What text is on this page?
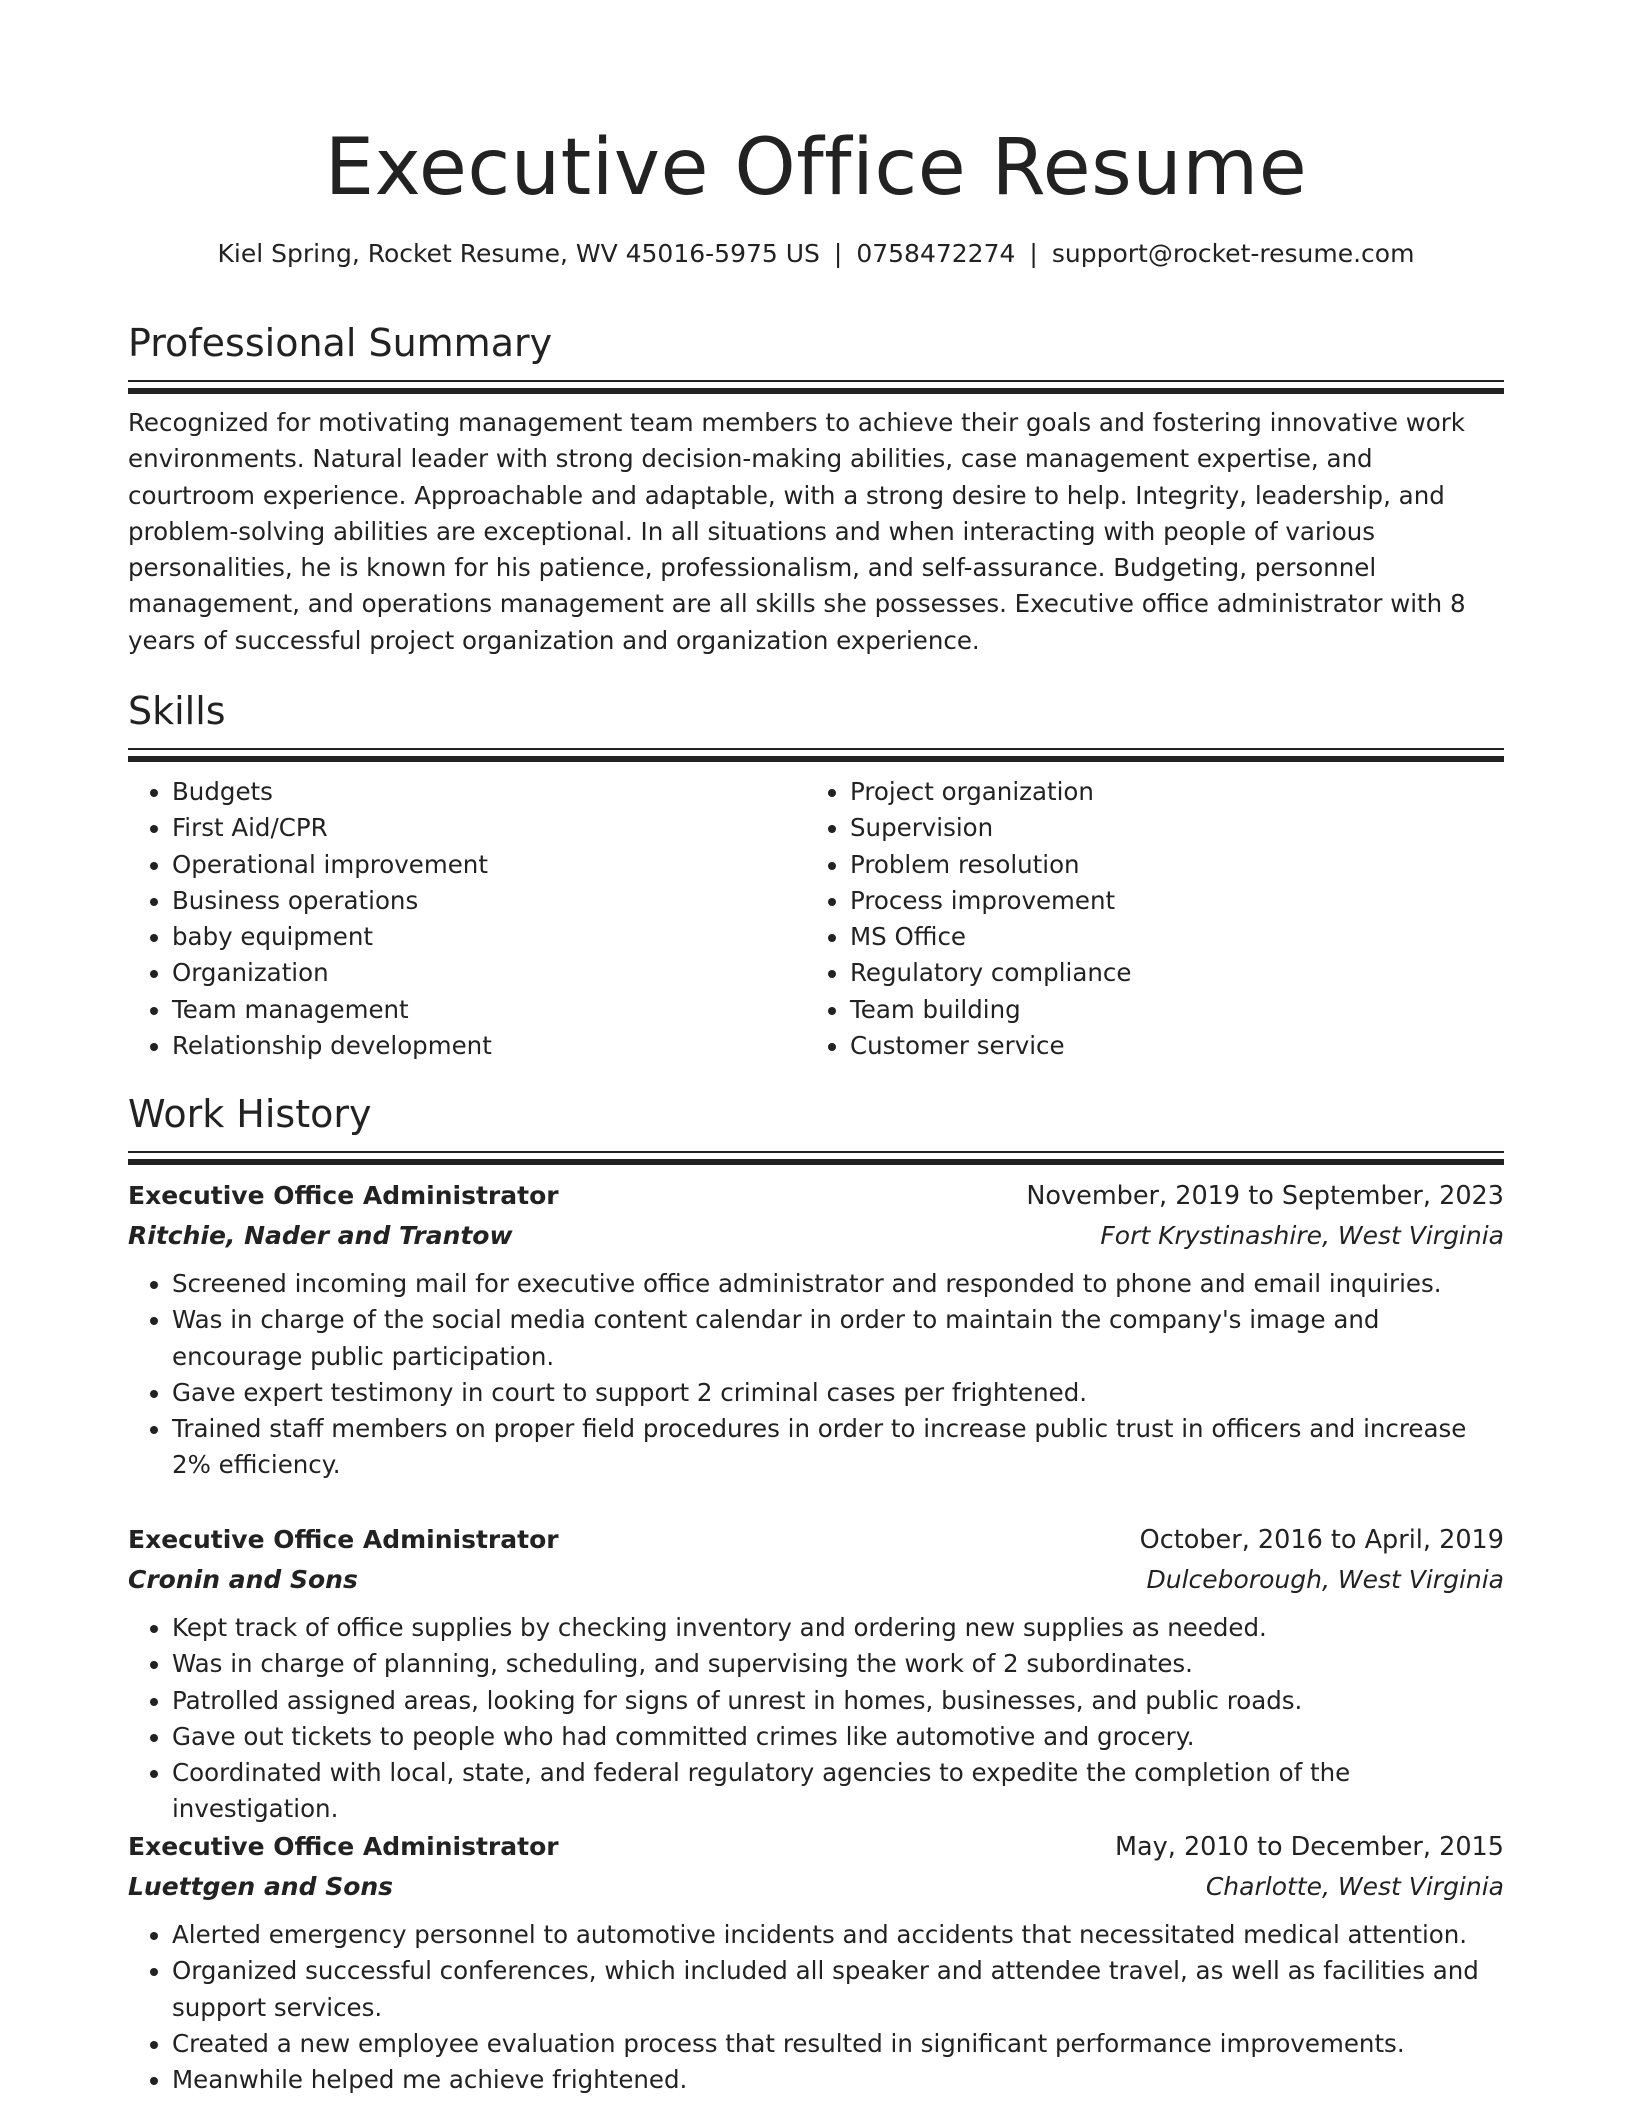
Executive Office Resume
Kiel Spring, Rocket Resume, WV 45016-5975 US | 0758472274 | support@rocket-resume.com
Professional Summary

Recognized for motivating management team members to achieve their goals and fostering innovative work environments. Natural leader with strong decision-making abilities, case management expertise, and courtroom experience. Approachable and adaptable, with a strong desire to help. Integrity, leadership, and problem-solving abilities are exceptional. In all situations and when interacting with people of various personalities, he is known for his patience, professionalism, and self-assurance. Budgeting, personnel management, and operations management are all skills she possesses. Executive office administrator with 8 years of successful project organization and organization experience.

Skills
• Budgets
• First Aid/CPR
• Operational improvement
• Business operations
• baby equipment
• Organization
• Team management
• Relationship development
• Project organization
• Supervision
• Problem resolution
• Process improvement
• MS Office
• Regulatory compliance
• Team building
• Customer service
Work History
Executive Office Administrator	November, 2019 to September, 2023
Ritchie, Nader and Trantow	Fort Krystinashire, West Virginia
• Screened incoming mail for executive office administrator and responded to phone and email inquiries.
• Was in charge of the social media content calendar in order to maintain the company's image and encourage public participation.
• Gave expert testimony in court to support 2 criminal cases per frightened.
• Trained staff members on proper field procedures in order to increase public trust in officers and increase 2% efficiency.
Executive Office Administrator	October, 2016 to April, 2019
Cronin and Sons	Dulceborough, West Virginia
• Kept track of office supplies by checking inventory and ordering new supplies as needed.
• Was in charge of planning, scheduling, and supervising the work of 2 subordinates.
• Patrolled assigned areas, looking for signs of unrest in homes, businesses, and public roads.
• Gave out tickets to people who had committed crimes like automotive and grocery.
• Coordinated with local, state, and federal regulatory agencies to expedite the completion of the investigation.
Executive Office Administrator	May, 2010 to December, 2015
Luettgen and Sons	Charlotte, West Virginia
• Alerted emergency personnel to automotive incidents and accidents that necessitated medical attention.
• Organized successful conferences, which included all speaker and attendee travel, as well as facilities and support services.
• Created a new employee evaluation process that resulted in significant performance improvements.
• Meanwhile helped me achieve frightened.
